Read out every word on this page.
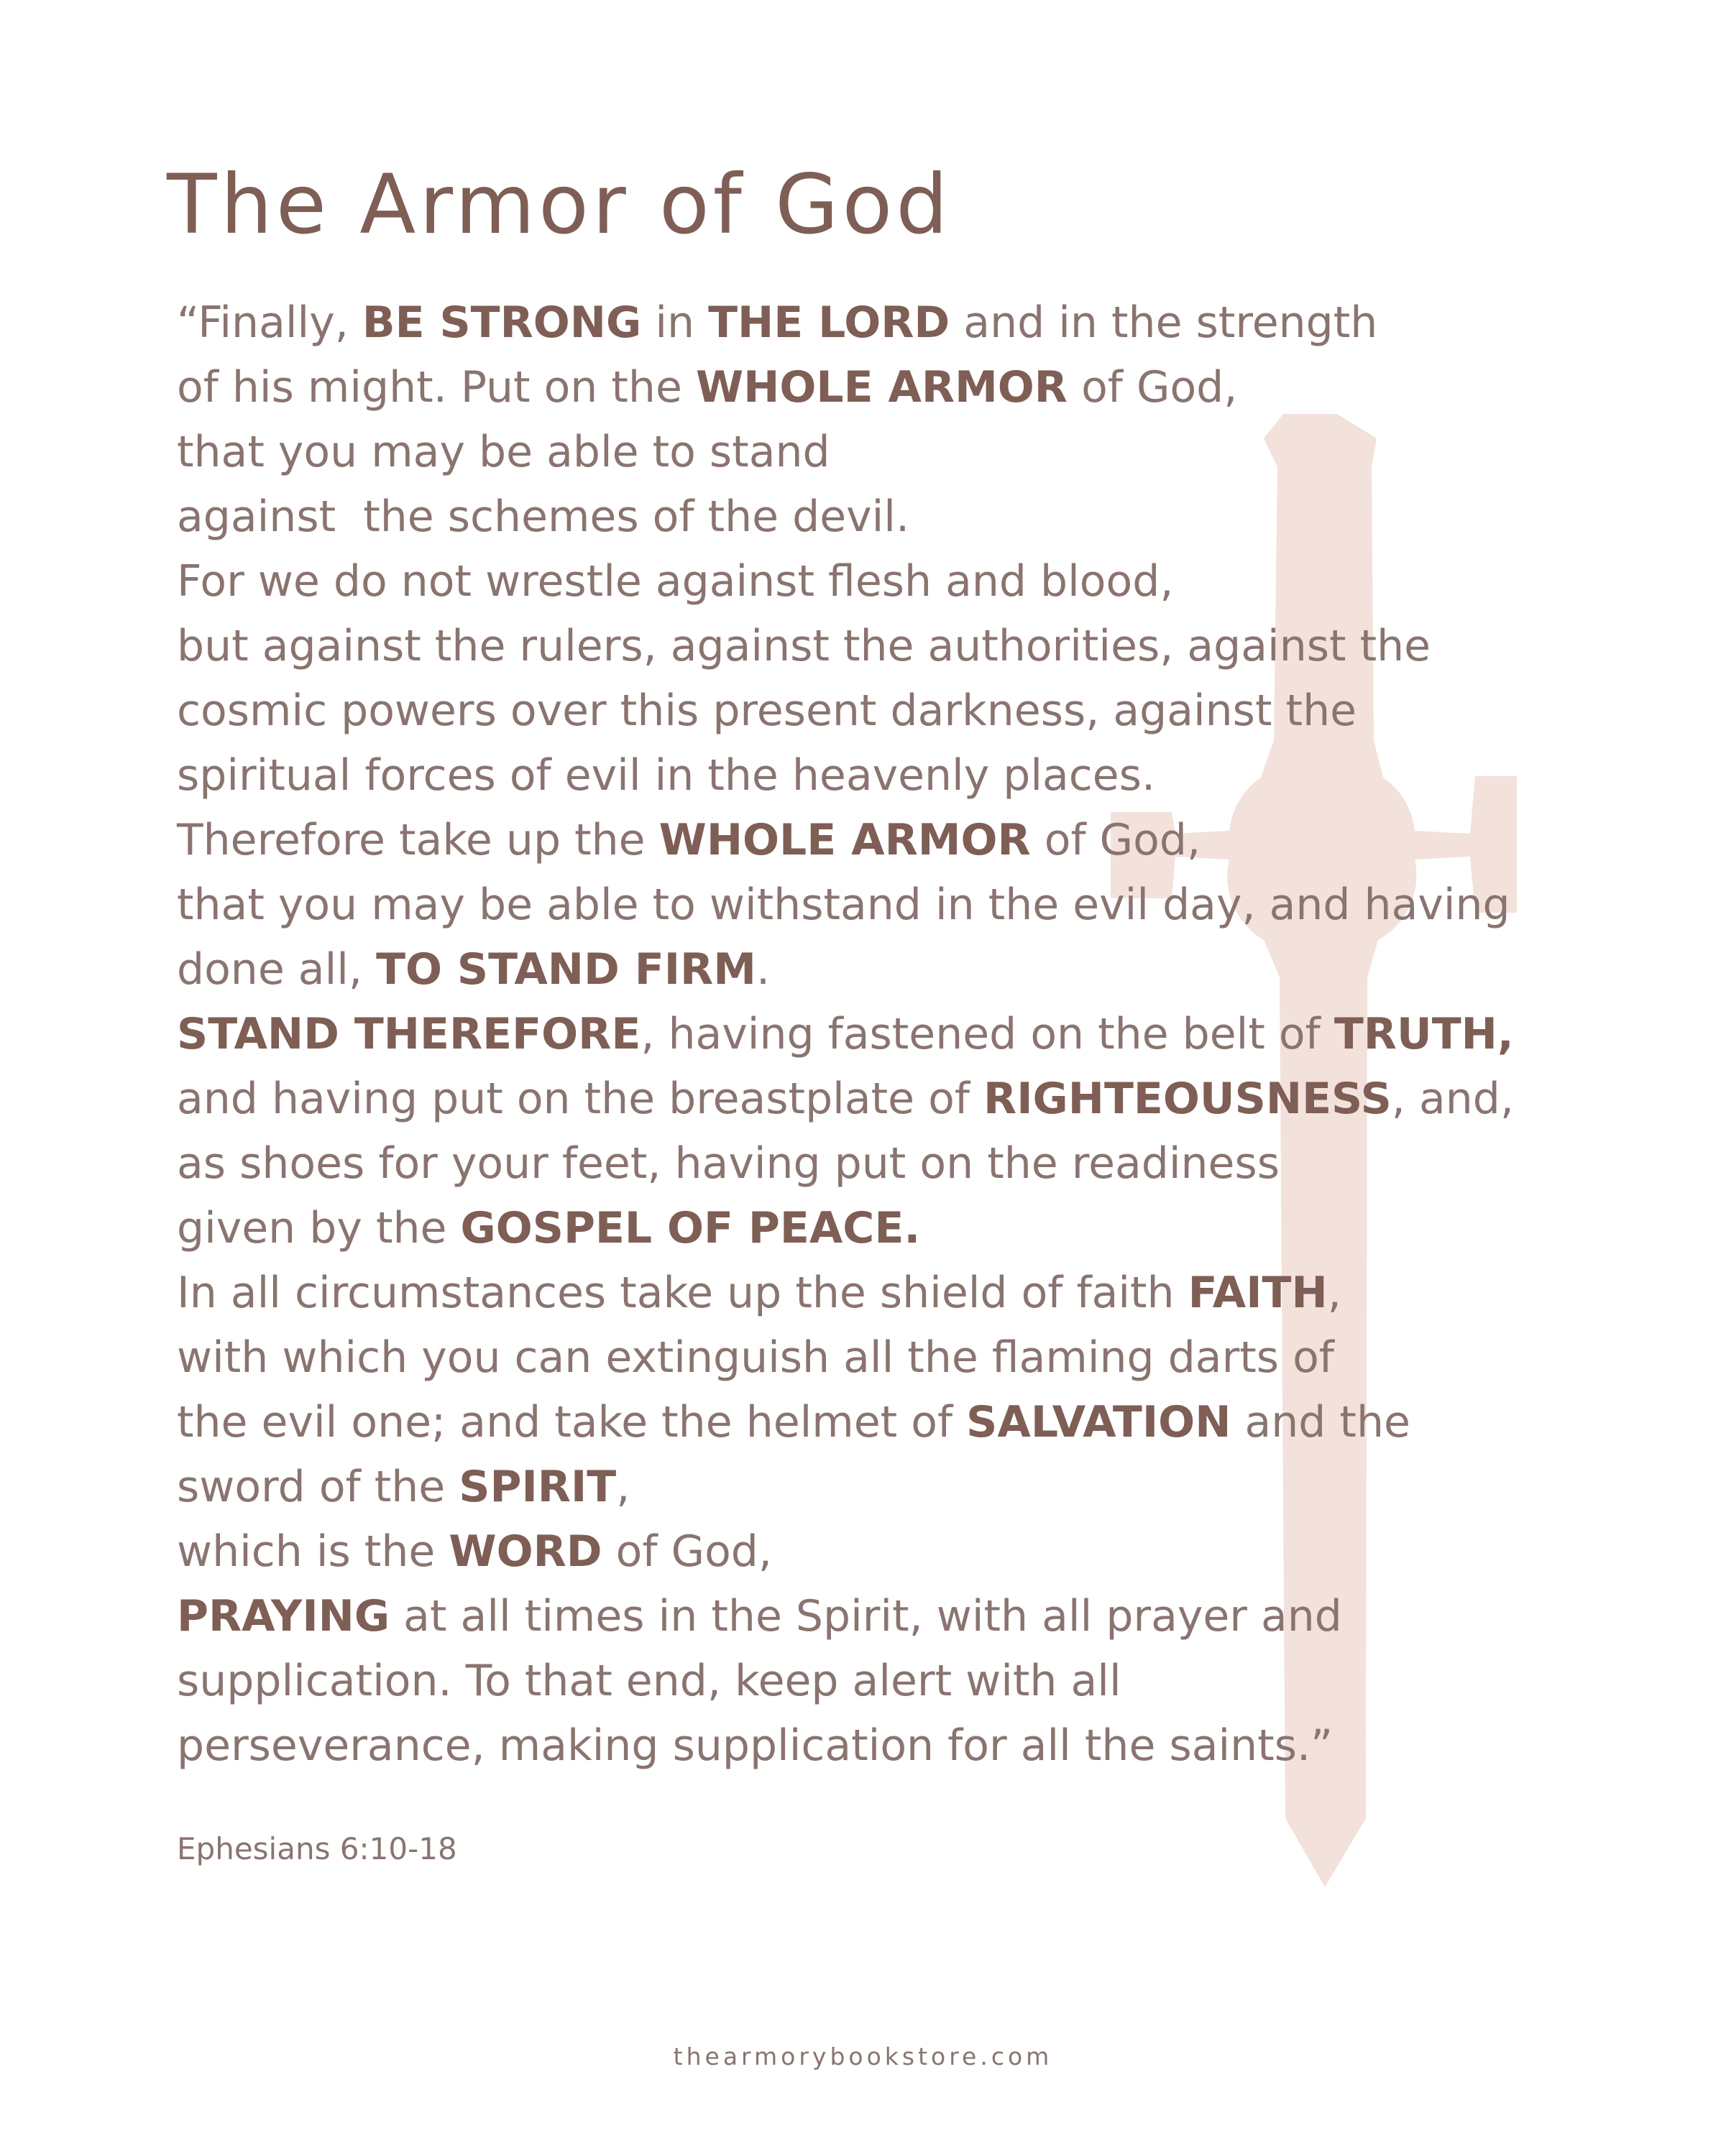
The Armor of God
“Finally, BE STRONG in THE LORD and in the strength
of his might. Put on the WHOLE ARMOR of God,
that you may be able to stand
against  the schemes of the devil.
For we do not wrestle against flesh and blood,
but against the rulers, against the authorities, against the
cosmic powers over this present darkness, against the
spiritual forces of evil in the heavenly places.
Therefore take up the WHOLE ARMOR of God,
that you may be able to withstand in the evil day, and having
done all, TO STAND FIRM.
STAND THEREFORE, having fastened on the belt of TRUTH,
and having put on the breastplate of RIGHTEOUSNESS, and,
as shoes for your feet, having put on the readiness
given by the GOSPEL OF PEACE.
In all circumstances take up the shield of faith FAITH,
with which you can extinguish all the flaming darts of
the evil one; and take the helmet of SALVATION and the
sword of the SPIRIT,
which is the WORD of God,
PRAYING at all times in the Spirit, with all prayer and
supplication. To that end, keep alert with all
perseverance, making supplication for all the saints.”
Ephesians 6:10-18
thearmorybookstore.com
